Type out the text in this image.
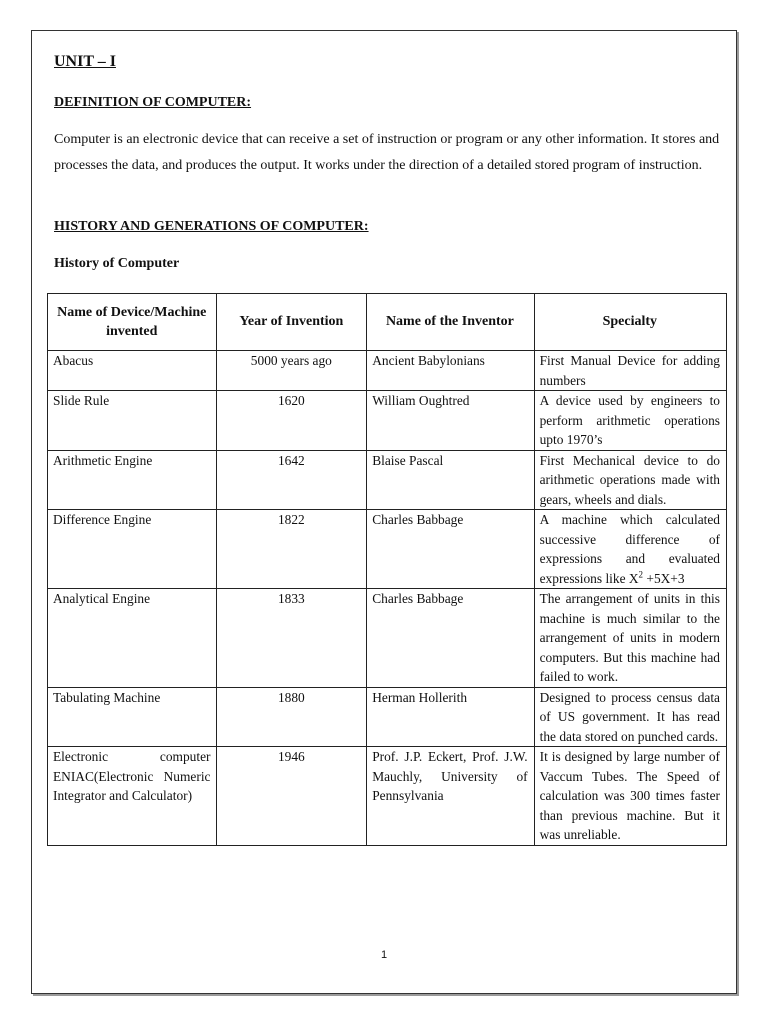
UNIT – I
DEFINITION OF COMPUTER:

Computer is an electronic device that can receive a set of instruction or program or any other information. It stores and processes the data, and produces the output. It works under the direction of a detailed stored program of instruction.

HISTORY AND GENERATIONS OF COMPUTER:
History of Computer
Name of Device/Machine invented	Year of Invention	Name of the Inventor	Specialty
Abacus	5000 years ago	Ancient Babylonians	First Manual Device for adding numbers
Slide Rule	1620	William Oughtred	A device used by engineers to perform arithmetic operations upto 1970’s
Arithmetic Engine	1642	Blaise Pascal	First Mechanical device to do arithmetic operations made with gears, wheels and dials.
Difference Engine	1822	Charles Babbage	A machine which calculated successive difference of expressions and evaluated expressions like $X^2 +5X+3$
Analytical Engine	1833	Charles Babbage	The arrangement of units in this machine is much similar to the arrangement of units in modern computers. But this machine had failed to work.
Tabulating Machine	1880	Herman Hollerith	Designed to process census data of US government. It has read the data stored on punched cards.
Electronic computer ENIAC(Electronic Numeric Integrator and Calculator)	1946	Prof. J.P. Eckert, Prof. J.W. Mauchly, University of Pennsylvania	It is designed by large number of Vaccum Tubes. The Speed of calculation was 300 times faster than previous machine. But it was unreliable.
1
